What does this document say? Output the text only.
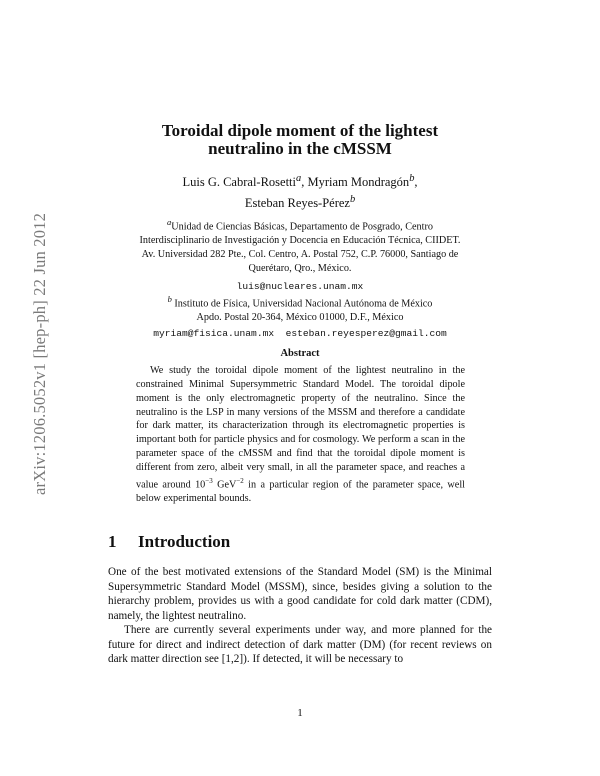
arXiv:1206.5052v1 [hep-ph] 22 Jun 2012
Toroidal dipole moment of the lightest
neutralino in the cMSSM
Luis G. Cabral-Rosetti$^a$, Myriam Mondragón$^b$,
Esteban Reyes-Pérez$^b$
$^a$Unidad de Ciencias Básicas, Departamento de Posgrado, Centro
Interdisciplinario de Investigación y Docencia en Educación Técnica, CIIDET.
Av. Universidad 282 Pte., Col. Centro, A. Postal 752, C.P. 76000, Santiago de
Querétaro, Qro., México.
luis@nucleares.unam.mx
$^b$ Instituto de Física, Universidad Nacional Autónoma de México
Apdo. Postal 20-364, México 01000, D.F., México
myriam@fisica.unam.mx esteban.reyesperez@gmail.com
Abstract
We study the toroidal dipole moment of the lightest neutralino in the constrained Minimal Supersymmetric Standard Model. The toroidal dipole moment is the only electromagnetic property of the neutralino. Since the neutralino is the LSP in many versions of the MSSM and therefore a candidate for dark matter, its characterization through its electromagnetic properties is important both for particle physics and for cosmology. We perform a scan in the parameter space of the cMSSM and find that the toroidal dipole moment is different from zero, albeit very small, in all the parameter space, and reaches a value around $10^{-3}$ GeV$^{-2}$ in a particular region of the parameter space, well below experimental bounds.
1 Introduction
One of the best motivated extensions of the Standard Model (SM) is the Minimal Supersymmetric Standard Model (MSSM), since, besides giving a solution to the hierarchy problem, provides us with a good candidate for cold dark matter (CDM), namely, the lightest neutralino.
There are currently several experiments under way, and more planned for the future for direct and indirect detection of dark matter (DM) (for recent reviews on dark matter direction see [1,2]). If detected, it will be necessary to
1
